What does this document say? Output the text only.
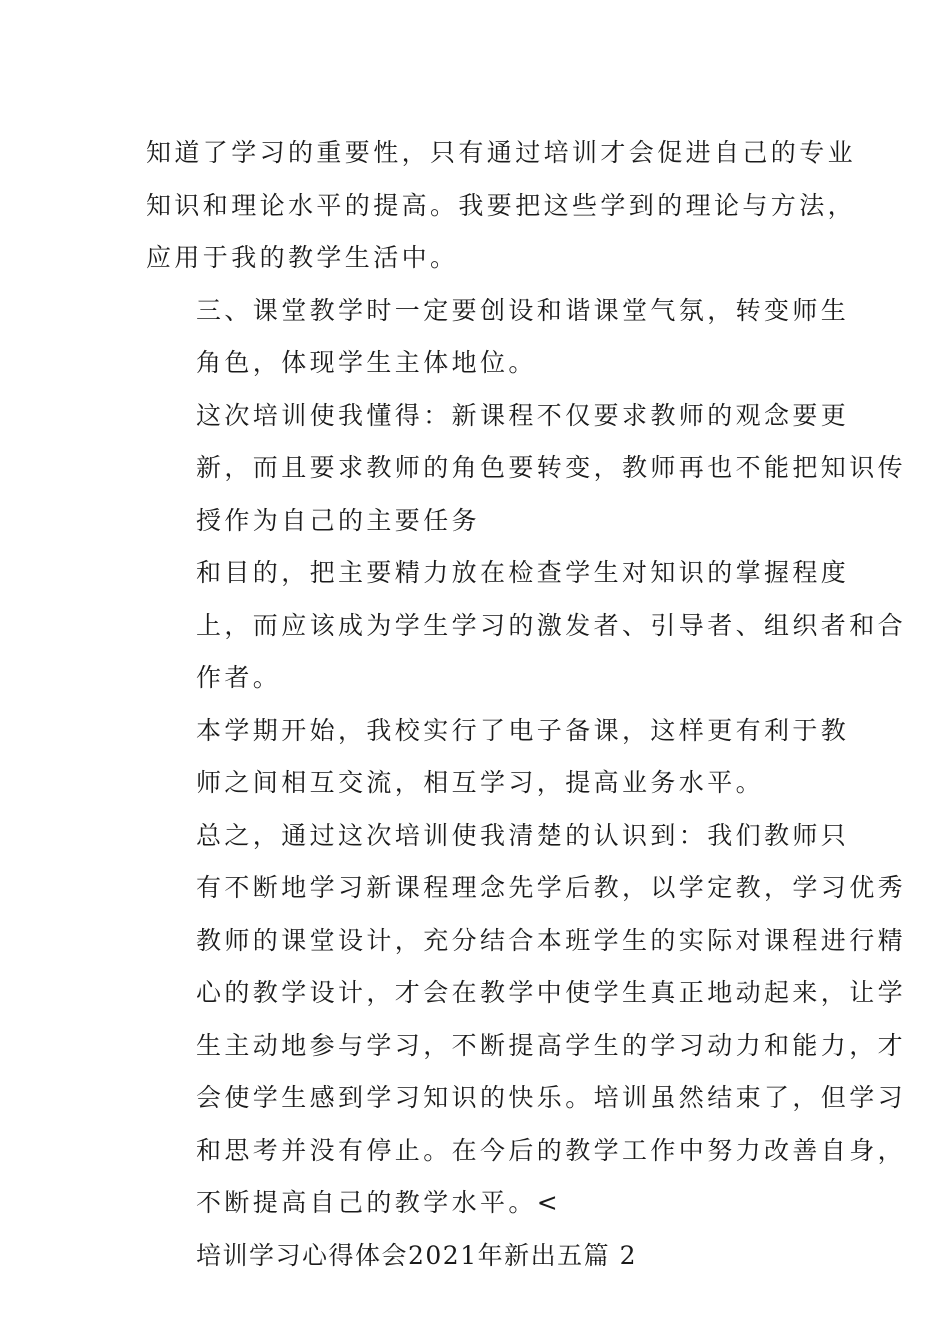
知道了学习的重要性，只有通过培训才会促进自己的专业
知识和理论水平的提高。我要把这些学到的理论与方法，
应用于我的教学生活中。

三、课堂教学时一定要创设和谐课堂气氛，转变师生
角色，体现学生主体地位。

这次培训使我懂得：新课程不仅要求教师的观念要更
新，而且要求教师的角色要转变，教师再也不能把知识传
授作为自己的主要任务

和目的，把主要精力放在检查学生对知识的掌握程度
上，而应该成为学生学习的激发者、引导者、组织者和合
作者。

本学期开始，我校实行了电子备课，这样更有利于教
师之间相互交流，相互学习，提高业务水平。

总之，通过这次培训使我清楚的认识到：我们教师只
有不断地学习新课程理念先学后教，以学定教，学习优秀
教师的课堂设计，充分结合本班学生的实际对课程进行精
心的教学设计，才会在教学中使学生真正地动起来，让学
生主动地参与学习，不断提高学生的学习动力和能力，才
会使学生感到学习知识的快乐。培训虽然结束了，但学习
和思考并没有停止。在今后的教学工作中努力改善自身，
不断提高自己的教学水平。<

培训学习心得体会2021年新出五篇 2
